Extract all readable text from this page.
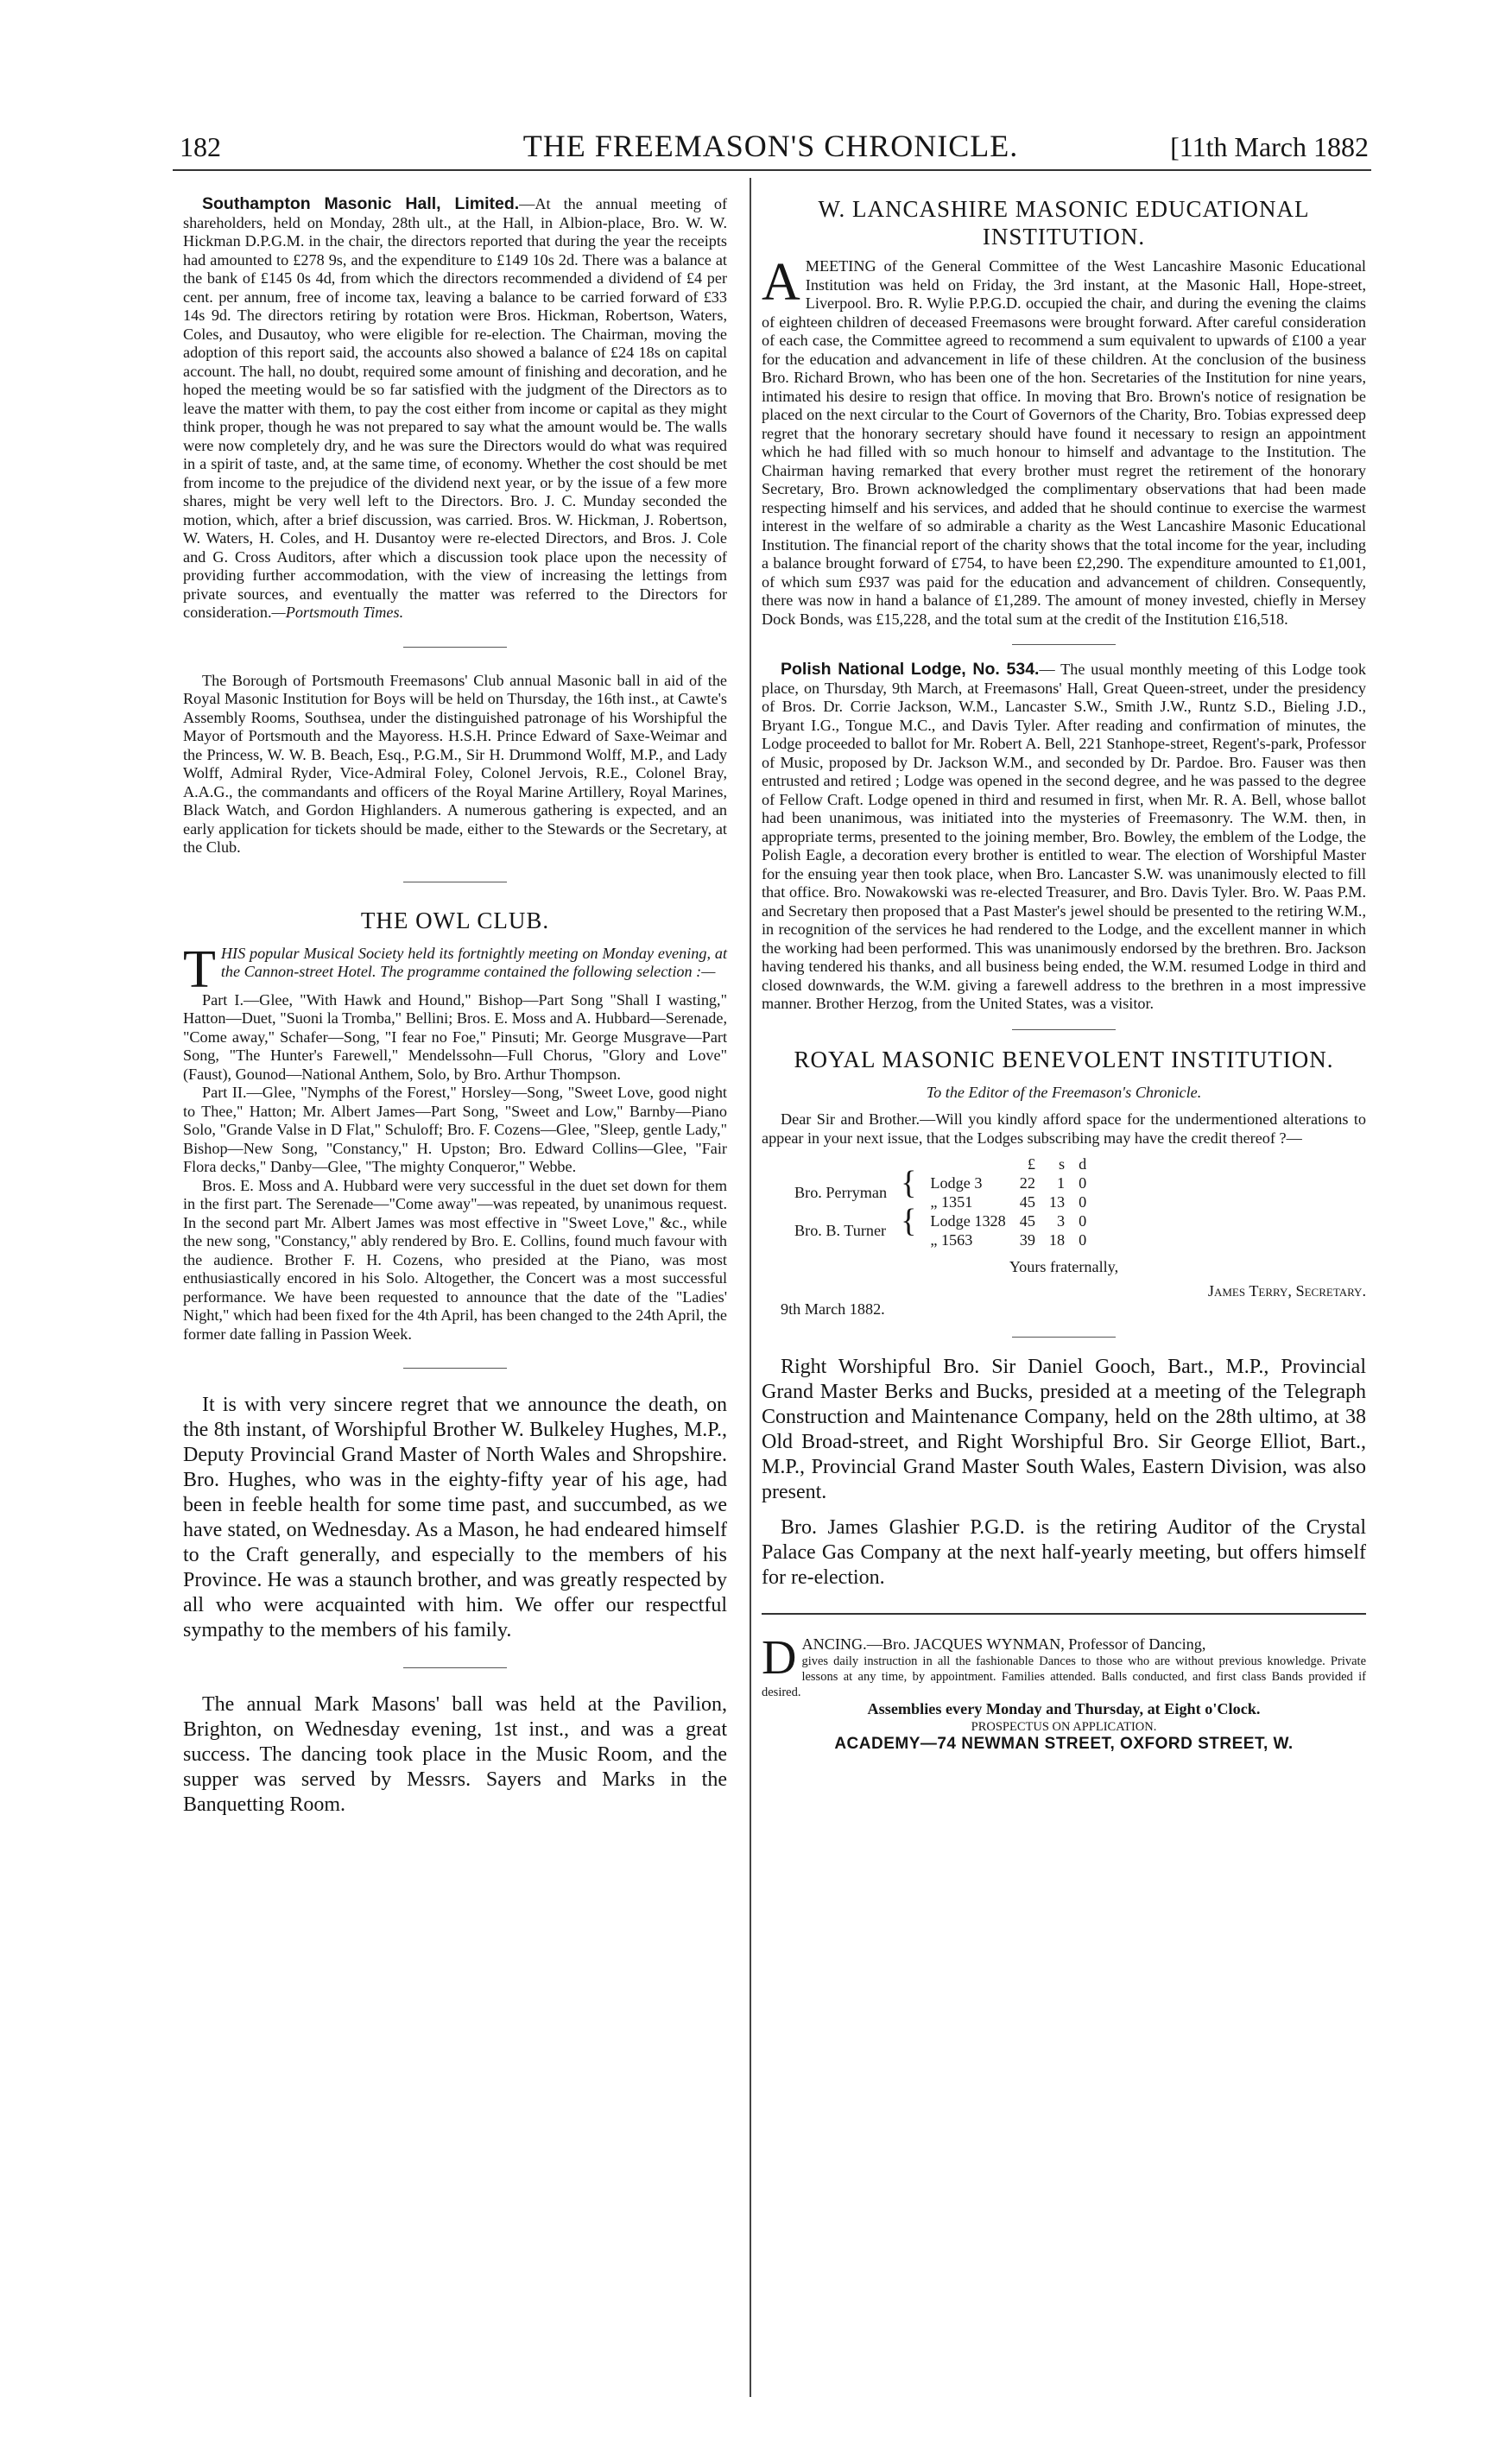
182	THE FREEMASON'S CHRONICLE.	[11th March 1882

Southampton Masonic Hall, Limited.—At the annual meeting of shareholders, held on Monday, 28th ult., at the Hall, in Albion-place, Bro. W. W. Hickman D.P.G.M. in the chair, the directors reported that during the year the receipts had amounted to £278 9s, and the expenditure to £149 10s 2d. There was a balance at the bank of £145 0s 4d, from which the directors recommended a dividend of £4 per cent. per annum, free of income tax, leaving a balance to be carried forward of £33 14s 9d. The directors retiring by rotation were Bros. Hickman, Robertson, Waters, Coles, and Dusautoy, who were eligible for re-election. The Chairman, moving the adoption of this report said, the accounts also showed a balance of £24 18s on capital account. The hall, no doubt, required some amount of finishing and decoration, and he hoped the meeting would be so far satisfied with the judgment of the Directors as to leave the matter with them, to pay the cost either from income or capital as they might think proper, though he was not prepared to say what the amount would be. The walls were now completely dry, and he was sure the Directors would do what was required in a spirit of taste, and, at the same time, of economy. Whether the cost should be met from income to the prejudice of the dividend next year, or by the issue of a few more shares, might be very well left to the Directors. Bro. J. C. Munday seconded the motion, which, after a brief discussion, was carried. Bros. W. Hickman, J. Robertson, W. Waters, H. Coles, and H. Dusantoy were re-elected Directors, and Bros. J. Cole and G. Cross Auditors, after which a discussion took place upon the necessity of providing further accommodation, with the view of increasing the lettings from private sources, and eventually the matter was referred to the Directors for consideration.—Portsmouth Times.

The Borough of Portsmouth Freemasons' Club annual Masonic ball in aid of the Royal Masonic Institution for Boys will be held on Thursday, the 16th inst., at Cawte's Assembly Rooms, Southsea, under the distinguished patronage of his Worshipful the Mayor of Portsmouth and the Mayoress. H.S.H. Prince Edward of Saxe-Weimar and the Princess, W. W. B. Beach, Esq., P.G.M., Sir H. Drummond Wolff, M.P., and Lady Wolff, Admiral Ryder, Vice-Admiral Foley, Colonel Jervois, R.E., Colonel Bray, A.A.G., the commandants and officers of the Royal Marine Artillery, Royal Marines, Black Watch, and Gordon Highlanders. A numerous gathering is expected, and an early application for tickets should be made, either to the Stewards or the Secretary, at the Club.

THE OWL CLUB.

THIS popular Musical Society held its fortnightly meeting on Monday evening, at the Cannon-street Hotel. The programme contained the following selection :—

Part I.—Glee, "With Hawk and Hound," Bishop—Part Song "Shall I wasting," Hatton—Duet, "Suoni la Tromba," Bellini; Bros. E. Moss and A. Hubbard—Serenade, "Come away," Schafer—Song, "I fear no Foe," Pinsuti; Mr. George Musgrave—Part Song, "The Hunter's Farewell," Mendelssohn—Full Chorus, "Glory and Love" (Faust), Gounod—National Anthem, Solo, by Bro. Arthur Thompson.

Part II.—Glee, "Nymphs of the Forest," Horsley—Song, "Sweet Love, good night to Thee," Hatton; Mr. Albert James—Part Song, "Sweet and Low," Barnby—Piano Solo, "Grande Valse in D Flat," Schuloff; Bro. F. Cozens—Glee, "Sleep, gentle Lady," Bishop—New Song, "Constancy," H. Upston; Bro. Edward Collins—Glee, "Fair Flora decks," Danby—Glee, "The mighty Conqueror," Webbe.

Bros. E. Moss and A. Hubbard were very successful in the duet set down for them in the first part. The Serenade—"Come away"—was repeated, by unanimous request. In the second part Mr. Albert James was most effective in "Sweet Love," &c., while the new song, "Constancy," ably rendered by Bro. E. Collins, found much favour with the audience. Brother F. H. Cozens, who presided at the Piano, was most enthusiastically encored in his Solo. Altogether, the Concert was a most successful performance. We have been requested to announce that the date of the "Ladies' Night," which had been fixed for the 4th April, has been changed to the 24th April, the former date falling in Passion Week.

It is with very sincere regret that we announce the death, on the 8th instant, of Worshipful Brother W. Bulkeley Hughes, M.P., Deputy Provincial Grand Master of North Wales and Shropshire. Bro. Hughes, who was in the eighty-fifty year of his age, had been in feeble health for some time past, and succumbed, as we have stated, on Wednesday. As a Mason, he had endeared himself to the Craft generally, and especially to the members of his Province. He was a staunch brother, and was greatly respected by all who were acquainted with him. We offer our respectful sympathy to the members of his family.

The annual Mark Masons' ball was held at the Pavilion, Brighton, on Wednesday evening, 1st inst., and was a great success. The dancing took place in the Music Room, and the supper was served by Messrs. Sayers and Marks in the Banquetting Room.

W. LANCASHIRE MASONIC EDUCATIONAL
INSTITUTION.

AMEETING of the General Committee of the West Lancashire Masonic Educational Institution was held on Friday, the 3rd instant, at the Masonic Hall, Hope-street, Liverpool. Bro. R. Wylie P.P.G.D. occupied the chair, and during the evening the claims of eighteen children of deceased Freemasons were brought forward. After careful consideration of each case, the Committee agreed to recommend a sum equivalent to upwards of £100 a year for the education and advancement in life of these children. At the conclusion of the business Bro. Richard Brown, who has been one of the hon. Secretaries of the Institution for nine years, intimated his desire to resign that office. In moving that Bro. Brown's notice of resignation be placed on the next circular to the Court of Governors of the Charity, Bro. Tobias expressed deep regret that the honorary secretary should have found it necessary to resign an appointment which he had filled with so much honour to himself and advantage to the Institution. The Chairman having remarked that every brother must regret the retirement of the honorary Secretary, Bro. Brown acknowledged the complimentary observations that had been made respecting himself and his services, and added that he should continue to exercise the warmest interest in the welfare of so admirable a charity as the West Lancashire Masonic Educational Institution. The financial report of the charity shows that the total income for the year, including a balance brought forward of £754, to have been £2,290. The expenditure amounted to £1,001, of which sum £937 was paid for the education and advancement of children. Consequently, there was now in hand a balance of £1,289. The amount of money invested, chiefly in Mersey Dock Bonds, was £15,228, and the total sum at the credit of the Institution £16,518.

Polish National Lodge, No. 534.— The usual monthly meeting of this Lodge took place, on Thursday, 9th March, at Freemasons' Hall, Great Queen-street, under the presidency of Bros. Dr. Corrie Jackson, W.M., Lancaster S.W., Smith J.W., Runtz S.D., Bieling J.D., Bryant I.G., Tongue M.C., and Davis Tyler. After reading and confirmation of minutes, the Lodge proceeded to ballot for Mr. Robert A. Bell, 221 Stanhope-street, Regent's-park, Professor of Music, proposed by Dr. Jackson W.M., and seconded by Dr. Pardoe. Bro. Fauser was then entrusted and retired ; Lodge was opened in the second degree, and he was passed to the degree of Fellow Craft. Lodge opened in third and resumed in first, when Mr. R. A. Bell, whose ballot had been unanimous, was initiated into the mysteries of Freemasonry. The W.M. then, in appropriate terms, presented to the joining member, Bro. Bowley, the emblem of the Lodge, the Polish Eagle, a decoration every brother is entitled to wear. The election of Worshipful Master for the ensuing year then took place, when Bro. Lancaster S.W. was unanimously elected to fill that office. Bro. Nowakowski was re-elected Treasurer, and Bro. Davis Tyler. Bro. W. Paas P.M. and Secretary then proposed that a Past Master's jewel should be presented to the retiring W.M., in recognition of the services he had rendered to the Lodge, and the excellent manner in which the working had been performed. This was unanimously endorsed by the brethren. Bro. Jackson having tendered his thanks, and all business being ended, the W.M. resumed Lodge in third and closed downwards, the W.M. giving a farewell address to the brethren in a most impressive manner. Brother Herzog, from the United States, was a visitor.

ROYAL MASONIC BENEVOLENT INSTITUTION.
To the Editor of the Freemason's Chronicle.

Dear Sir and Brother.—Will you kindly afford space for the undermentioned alterations to appear in your next issue, that the Lodges subscribing may have the credit thereof ?—

			£	s	d
Bro. Perryman	{	Lodge 3	22	1	0
		„ 1351	45	13	0
Bro. B. Turner	{	Lodge 1328	45	3	0
		„ 1563	39	18	0

Yours fraternally,

James Terry, Secretary.

9th March 1882.

Right Worshipful Bro. Sir Daniel Gooch, Bart., M.P., Provincial Grand Master Berks and Bucks, presided at a meeting of the Telegraph Construction and Maintenance Company, held on the 28th ultimo, at 38 Old Broad-street, and Right Worshipful Bro. Sir George Elliot, Bart., M.P., Provincial Grand Master South Wales, Eastern Division, was also present.

Bro. James Glashier P.G.D. is the retiring Auditor of the Crystal Palace Gas Company at the next half-yearly meeting, but offers himself for re-election.

DANCING.—Bro. JACQUES WYNMAN, Professor of Dancing,

gives daily instruction in all the fashionable Dances to those who are without previous knowledge. Private lessons at any time, by appointment. Families attended. Balls conducted, and first class Bands provided if desired.

Assemblies every Monday and Thursday, at Eight o'Clock.

PROSPECTUS ON APPLICATION.

ACADEMY—74 NEWMAN STREET, OXFORD STREET, W.
